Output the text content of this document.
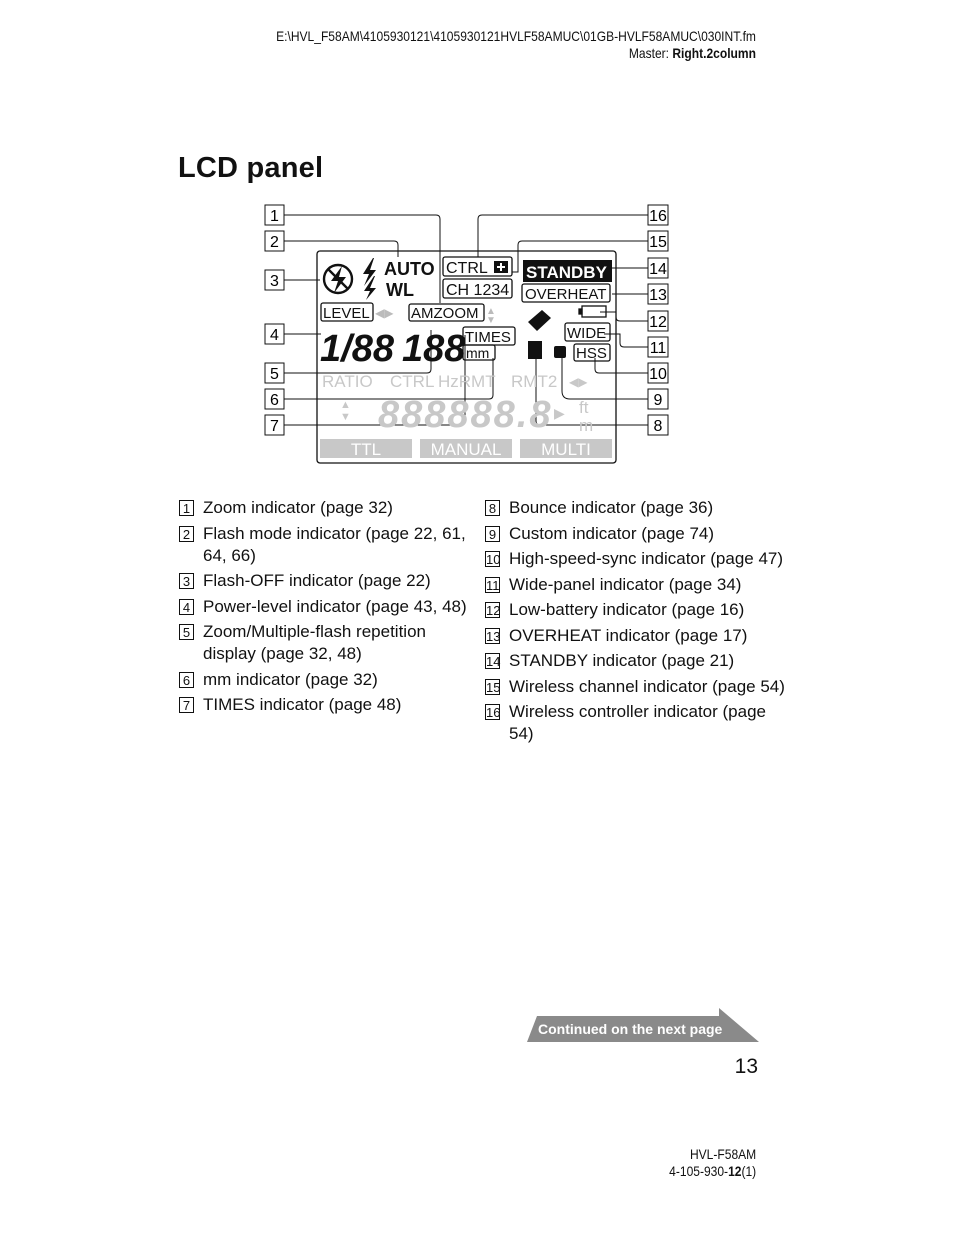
E:\HVL_F58AM\4105930121\4105930121HVLF58AMUC\01GB-HVLF58AMUC\030INT.fm
Master: Right.2column
LCD panel
1
2
3
4
5
6
7
16
15
14
13
12
11
10
9
8
AUTO
WL
CTRL
CH 1234
STANDBY
OVERHEAT
LEVEL ◀▶ AMZOOM ▲
▼
1/88 188 TIMES
mm
WIDE
HSS
RATIO CTRL HzRMT RMT2 ◀▶
▲
▼ 888888.8 ▶ ft
m
TTL	MANUAL MULTI
1 Zoom indicator (page 32)
2 Flash mode indicator (page 22, 61, 64, 66)
3 Flash-OFF indicator (page 22)
4 Power-level indicator (page 43, 48)
5 Zoom/Multiple-flash repetition display (page 32, 48)
6 mm indicator (page 32)
7 TIMES indicator (page 48)
8 Bounce indicator (page 36)
9 Custom indicator (page 74)
10 High-speed-sync indicator (page 47)
11 Wide-panel indicator (page 34)
12 Low-battery indicator (page 16)
13 OVERHEAT indicator (page 17)
14 STANDBY indicator (page 21)
15 Wireless channel indicator (page 54)
16 Wireless controller indicator (page 54)
Continued on the next page
13
HVL-F58AM
4-105-930-12(1)
